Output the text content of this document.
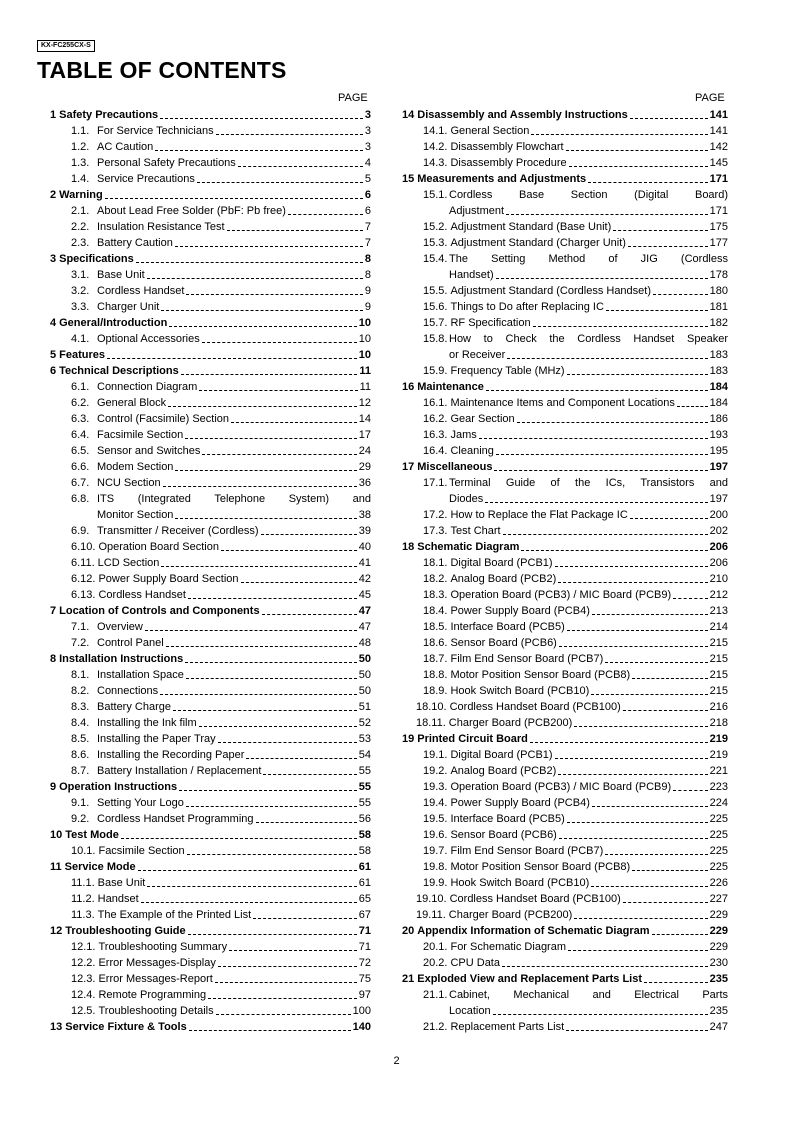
KX-FC255CX-S
TABLE OF CONTENTS
PAGE	PAGE
1 Safety Precautions	3
1.1. For Service Technicians	3
1.2. AC Caution	3
1.3. Personal Safety Precautions	4
1.4. Service Precautions	5
2 Warning	6
2.1. About Lead Free Solder (PbF: Pb free)	6
2.2. Insulation Resistance Test	7
2.3. Battery Caution	7
3 Specifications	8
3.1. Base Unit	8
3.2. Cordless Handset	9
3.3. Charger Unit	9
4 General/Introduction	10
4.1. Optional Accessories	10
5 Features	10
6 Technical Descriptions	11
6.1. Connection Diagram	11
6.2. General Block	12
6.3. Control (Facsimile) Section	14
6.4. Facsimile Section	17
6.5. Sensor and Switches	24
6.6. Modem Section	29
6.7. NCU Section	36
6.8. ITS (Integrated Telephone System) and
Monitor Section	38
6.9. Transmitter / Receiver (Cordless)	39
6.10. Operation Board Section	40
6.11. LCD Section	41
6.12. Power Supply Board Section	42
6.13. Cordless Handset	45
7 Location of Controls and Components	47
7.1. Overview	47
7.2. Control Panel	48
8 Installation Instructions	50
8.1. Installation Space	50
8.2. Connections	50
8.3. Battery Charge	51
8.4. Installing the Ink film	52
8.5. Installing the Paper Tray	53
8.6. Installing the Recording Paper	54
8.7. Battery Installation / Replacement	55
9 Operation Instructions	55
9.1. Setting Your Logo	55
9.2. Cordless Handset Programming	56
10 Test Mode	58
10.1. Facsimile Section	58
11 Service Mode	61
11.1. Base Unit	61
11.2. Handset	65
11.3. The Example of the Printed List	67
12 Troubleshooting Guide	71
12.1. Troubleshooting Summary	71
12.2. Error Messages-Display	72
12.3. Error Messages-Report	75
12.4. Remote Programming	97
12.5. Troubleshooting Details	100
13 Service Fixture & Tools	140
14 Disassembly and Assembly Instructions	141
14.1. General Section	141
14.2. Disassembly Flowchart	142
14.3. Disassembly Procedure	145
15 Measurements and Adjustments	171
15.1. Cordless Base Section (Digital Board)
Adjustment	171
15.2. Adjustment Standard (Base Unit)	175
15.3. Adjustment Standard (Charger Unit)	177
15.4. The Setting Method of JIG (Cordless
Handset)	178
15.5. Adjustment Standard (Cordless Handset)	180
15.6. Things to Do after Replacing IC	181
15.7. RF Specification	182
15.8. How to Check the Cordless Handset Speaker
or Receiver	183
15.9. Frequency Table (MHz)	183
16 Maintenance	184
16.1. Maintenance Items and Component Locations	184
16.2. Gear Section	186
16.3. Jams	193
16.4. Cleaning	195
17 Miscellaneous	197
17.1. Terminal Guide of the ICs, Transistors and
Diodes	197
17.2. How to Replace the Flat Package IC	200
17.3. Test Chart	202
18 Schematic Diagram	206
18.1. Digital Board (PCB1)	206
18.2. Analog Board (PCB2)	210
18.3. Operation Board (PCB3) / MIC Board (PCB9)	212
18.4. Power Supply Board (PCB4)	213
18.5. Interface Board (PCB5)	214
18.6. Sensor Board (PCB6)	215
18.7. Film End Sensor Board (PCB7)	215
18.8. Motor Position Sensor Board (PCB8)	215
18.9. Hook Switch Board (PCB10)	215
18.10. Cordless Handset Board (PCB100)	216
18.11. Charger Board (PCB200)	218
19 Printed Circuit Board	219
19.1. Digital Board (PCB1)	219
19.2. Analog Board (PCB2)	221
19.3. Operation Board (PCB3) / MIC Board (PCB9)	223
19.4. Power Supply Board (PCB4)	224
19.5. Interface Board (PCB5)	225
19.6. Sensor Board (PCB6)	225
19.7. Film End Sensor Board (PCB7)	225
19.8. Motor Position Sensor Board (PCB8)	225
19.9. Hook Switch Board (PCB10)	226
19.10. Cordless Handset Board (PCB100)	227
19.11. Charger Board (PCB200)	229
20 Appendix Information of Schematic Diagram	229
20.1. For Schematic Diagram	229
20.2. CPU Data	230
21 Exploded View and Replacement Parts List	235
21.1. Cabinet, Mechanical and Electrical Parts
Location	235
21.2. Replacement Parts List	247
2
